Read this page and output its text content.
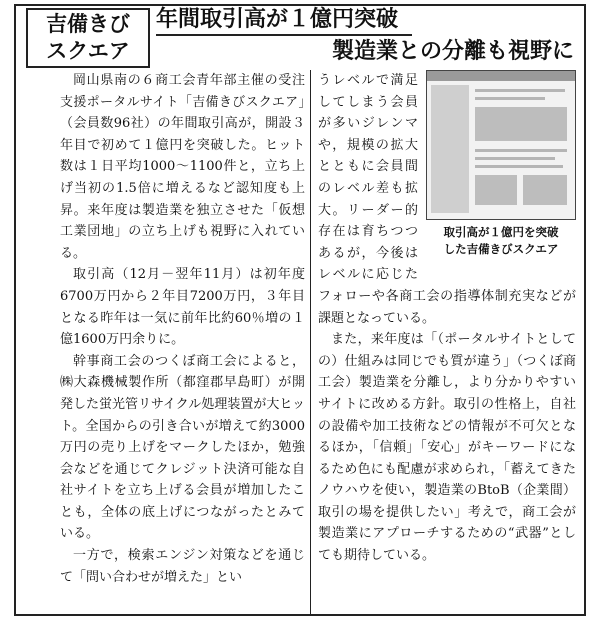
吉備きび
スクエア
年間取引高が１億円突破
製造業との分離も視野に

岡山県南の６商工会青年部主催の受注支援ポータルサイト「吉備きびスクエア」（会員数96社）の年間取引高が，開設３年目で初めて１億円を突破した。ヒット数は１日平均1000～1100件と，立ち上げ当初の1.5倍に増えるなど認知度も上昇。来年度は製造業を独立させた「仮想工業団地」の立ち上げも視野に入れている。

取引高（12月－翌年11月）は初年度6700万円から２年目7200万円，３年目となる昨年は一気に前年比約60％増の１億1600万円余りに。

幹事商工会のつくぼ商工会によると，㈱大森機械製作所（都窪郡早島町）が開発した蛍光管リサイクル処理装置が大ヒット。全国からの引き合いが増えて約3000万円の売り上げをマークしたほか，勉強会などを通じてクレジット決済可能な自社サイトを立ち上げる会員が増加したことも，全体の底上げにつながったとみている。

一方で，検索エンジン対策などを通じて「問い合わせが増えた」とい

取引高が１億円を突破
した吉備きびスクエア

うレベルで満足してしまう会員が多いジレンマや，規模の拡大とともに会員間のレベル差も拡大。リーダー的存在は育ちつつあるが，今後はレベルに応じたフォローや各商工会の指導体制充実などが課題となっている。

また，来年度は「（ポータルサイトとしての）仕組みは同じでも質が違う」（つくぼ商工会）製造業を分離し，より分かりやすいサイトに改める方針。取引の性格上，自社の設備や加工技術などの情報が不可欠となるほか，「信頼」「安心」がキーワードになるため色にも配慮が求められ，「蓄えてきたノウハウを使い，製造業のBtoB（企業間）取引の場を提供したい」考えで，商工会が製造業にアプローチするための“武器”としても期待している。
